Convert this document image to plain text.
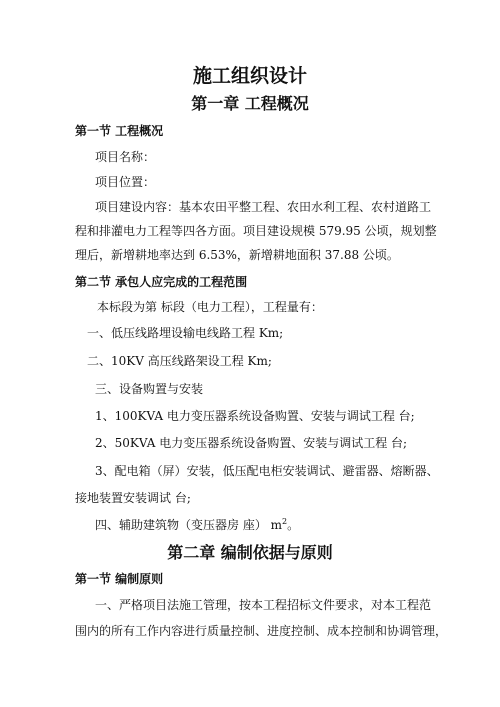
施工组织设计
第一章 工程概况
第一节 工程概况
项目名称：
项目位置：
项目建设内容：基本农田平整工程、农田水利工程、农村道路工
程和排灌电力工程等四各方面。项目建设规模 579.95 公顷，规划整
理后，新增耕地率达到 6.53%，新增耕地面积 37.88 公顷。
第二节 承包人应完成的工程范围
本标段为第 标段（电力工程），工程量有：
一、低压线路埋设输电线路工程 Km;
二、10KV 高压线路架设工程 Km;
三、设备购置与安装
1、100KVA 电力变压器系统设备购置、安装与调试工程 台;
2、50KVA 电力变压器系统设备购置、安装与调试工程 台;
3、配电箱（屏）安装，低压配电柜安装调试、避雷器、熔断器、
接地装置安装调试 台;
四、辅助建筑物（变压器房 座） $m^2$。
第二章 编制依据与原则
第一节 编制原则
一、严格项目法施工管理，按本工程招标文件要求，对本工程范
围内的所有工作内容进行质量控制、进度控制、成本控制和协调管理，
